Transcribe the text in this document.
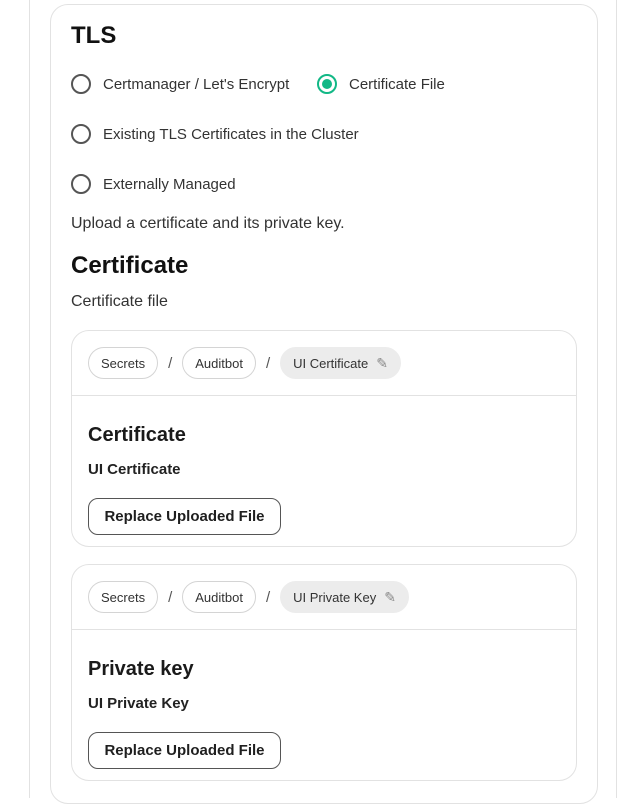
TLS
Certmanager / Let's Encrypt	Certificate File
Existing TLS Certificates in the Cluster
Externally Managed
Upload a certificate and its private key.
Certificate
Certificate file
Secrets	/	Auditbot	/ UI Certificate ✎
Certificate
UI Certificate
Replace Uploaded File
Secrets	/	Auditbot	/ UI Private Key ✎
Private key
UI Private Key
Replace Uploaded File
